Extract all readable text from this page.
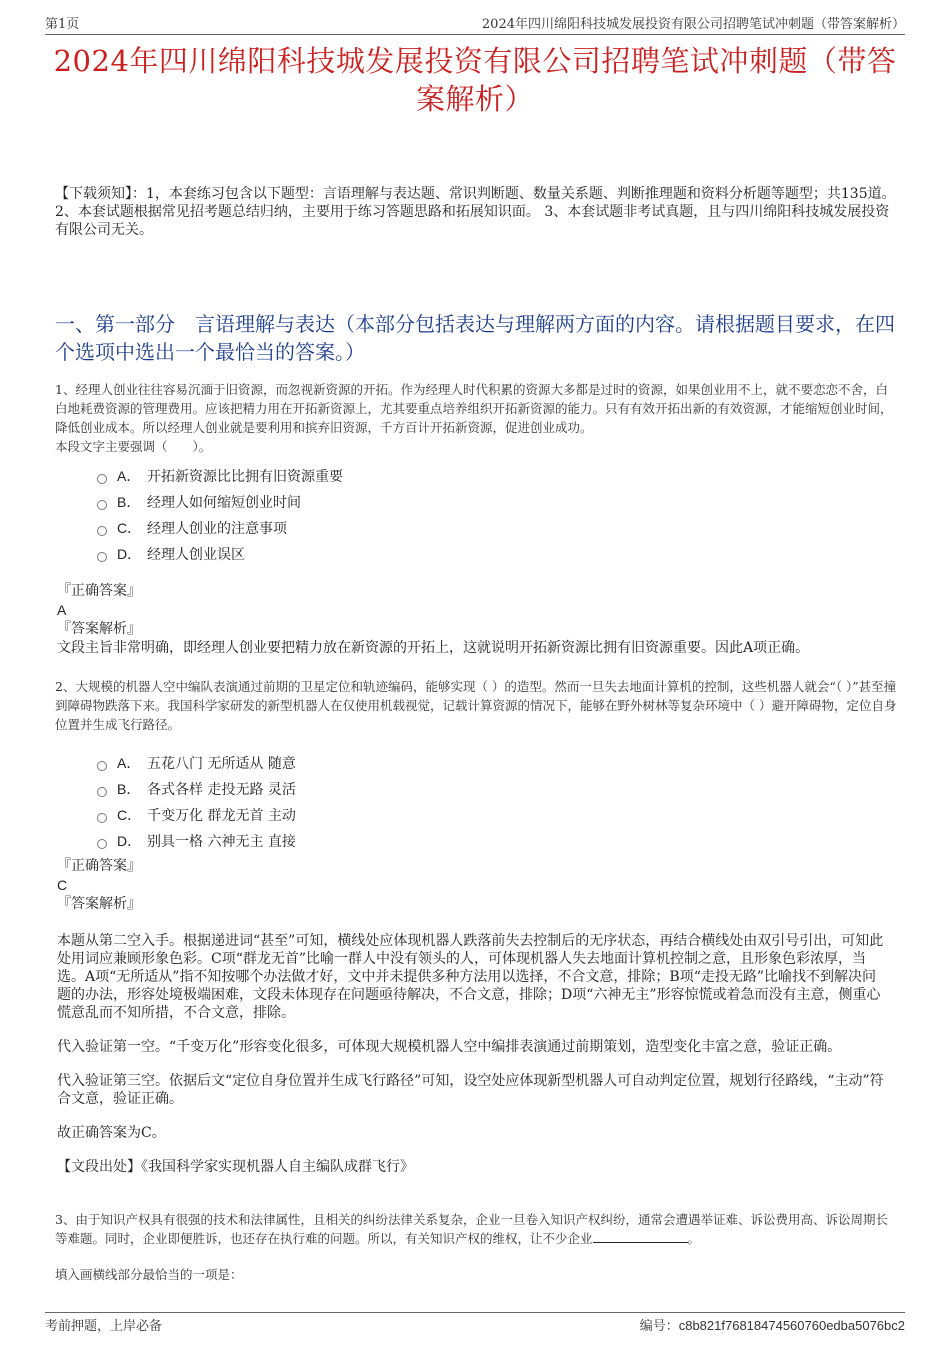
第1页	2024年四川绵阳科技城发展投资有限公司招聘笔试冲刺题（带答案解析）
2024年四川绵阳科技城发展投资有限公司招聘笔试冲刺题（带答案解析）
【下载须知】：1，本套练习包含以下题型：言语理解与表达题、常识判断题、数量关系题、判断推理题和资料分析题等题型；共135道。 2、本套试题根据常见招考题总结归纳，主要用于练习答题思路和拓展知识面。 3、本套试题非考试真题，且与四川绵阳科技城发展投资有限公司无关。
一、第一部分　言语理解与表达（本部分包括表达与理解两方面的内容。请根据题目要求，在四个选项中选出一个最恰当的答案。）
1、经理人创业往往容易沉湎于旧资源，而忽视新资源的开拓。作为经理人时代积累的资源大多都是过时的资源，如果创业用不上，就不要恋恋不舍，白白地耗费资源的管理费用。应该把精力用在开拓新资源上，尤其要重点培养组织开拓新资源的能力。只有有效开拓出新的有效资源，才能缩短创业时间，降低创业成本。所以经理人创业就是要利用和摈弃旧资源，千方百计开拓新资源，促进创业成功。
本段文字主要强调（　　）。
A． 开拓新资源比比拥有旧资源重要
B． 经理人如何缩短创业时间
C． 经理人创业的注意事项
D． 经理人创业误区
『正确答案』
A
『答案解析』
文段主旨非常明确，即经理人创业要把精力放在新资源的开拓上，这就说明开拓新资源比拥有旧资源重要。因此A项正确。
2、大规模的机器人空中编队表演通过前期的卫星定位和轨迹编码，能够实现（ ）的造型。然而一旦失去地面计算机的控制，这些机器人就会“（ ）”甚至撞到障碍物跌落下来。我国科学家研发的新型机器人在仅使用机载视觉，记载计算资源的情况下，能够在野外树林等复杂环境中（ ）避开障碍物，定位自身位置并生成飞行路径。
A． 五花八门 无所适从 随意
B． 各式各样 走投无路 灵活
C． 千变万化 群龙无首 主动
D． 别具一格 六神无主 直接
『正确答案』
C
『答案解析』

本题从第二空入手。根据递进词“甚至”可知，横线处应体现机器人跌落前失去控制后的无序状态，再结合横线处由双引号引出，可知此处用词应兼顾形象色彩。C项“群龙无首”比喻一群人中没有领头的人，可体现机器人失去地面计算机控制之意，且形象色彩浓厚，当选。A项“无所适从”指不知按哪个办法做才好，文中并未提供多种方法用以选择，不合文意，排除；B项“走投无路”比喻找不到解决问题的办法，形容处境极端困难，文段未体现存在问题亟待解决，不合文意，排除；D项“六神无主”形容惊慌或着急而没有主意，侧重心慌意乱而不知所措，不合文意，排除。

代入验证第一空。“千变万化”形容变化很多，可体现大规模机器人空中编排表演通过前期策划，造型变化丰富之意，验证正确。

代入验证第三空。依据后文“定位自身位置并生成飞行路径”可知，设空处应体现新型机器人可自动判定位置，规划行径路线，“主动”符合文意，验证正确。

故正确答案为C。

【文段出处】《我国科学家实现机器人自主编队成群飞行》

3、由于知识产权具有很强的技术和法律属性，且相关的纠纷法律关系复杂，企业一旦卷入知识产权纠纷，通常会遭遇举证难、诉讼费用高、诉讼周期长等难题。同时，企业即便胜诉，也还存在执行难的问题。所以，有关知识产权的维权，让不少企业	。
填入画横线部分最恰当的一项是：
考前押题，上岸必备	编号：c8b821f76818474560760edba5076bc2
